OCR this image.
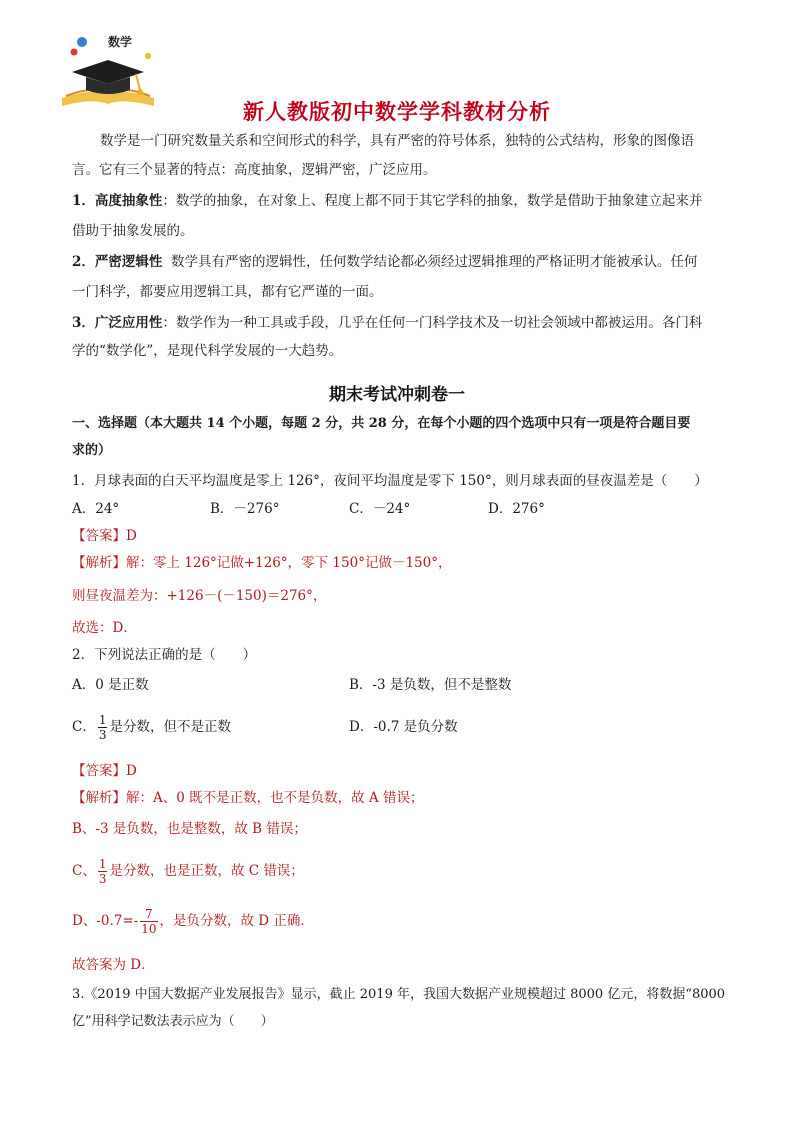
数学
新人教版初中数学学科教材分析
数学是一门研究数量关系和空间形式的科学，具有严密的符号体系，独特的公式结构，形象的图像语
言。它有三个显著的特点：高度抽象，逻辑严密，广泛应用。
1．高度抽象性：数学的抽象，在对象上、程度上都不同于其它学科的抽象，数学是借助于抽象建立起来并
借助于抽象发展的。
2．严密逻辑性  数学具有严密的逻辑性，任何数学结论都必须经过逻辑推理的严格证明才能被承认。任何
一门科学，都要应用逻辑工具，都有它严谨的一面。
3．广泛应用性：数学作为一种工具或手段，几乎在任何一门科学技术及一切社会领域中都被运用。各门科
学的“数学化”，是现代科学发展的一大趋势。
期末考试冲刺卷一
一、选择题（本大题共 14 个小题，每题 2 分，共 28 分，在每个小题的四个选项中只有一项是符合题目要
求的）
1．月球表面的白天平均温度是零上 126°，夜间平均温度是零下 150°，则月球表面的昼夜温差是（　　）
A．24°	B．－276°	C．－24°	D．276°
【答案】D
【解析】解：零上 126°记做+126°，零下 150°记做－150°，
则昼夜温差为：+126－(－150)＝276°，
故选：D．
2．下列说法正确的是（　　）
A．0 是正数	B．-3 是负数，但不是整数
C． $\frac{1}{3}$ 是分数，但不是正数	D．-0.7 是负分数
【答案】D
【解析】解：A、0 既不是正数，也不是负数，故 A 错误；
B、-3 是负数，也是整数，故 B 错误；
C、 $\frac{1}{3}$ 是分数，也是正数，故 C 错误；
D、$-0.7=- \frac{7}{10}$ ，是负分数，故 D 正确．
故答案为 D．
3.《2019 中国大数据产业发展报告》显示，截止 2019 年，我国大数据产业规模超过 8000 亿元，将数据“8000
亿”用科学记数法表示应为（　　）
